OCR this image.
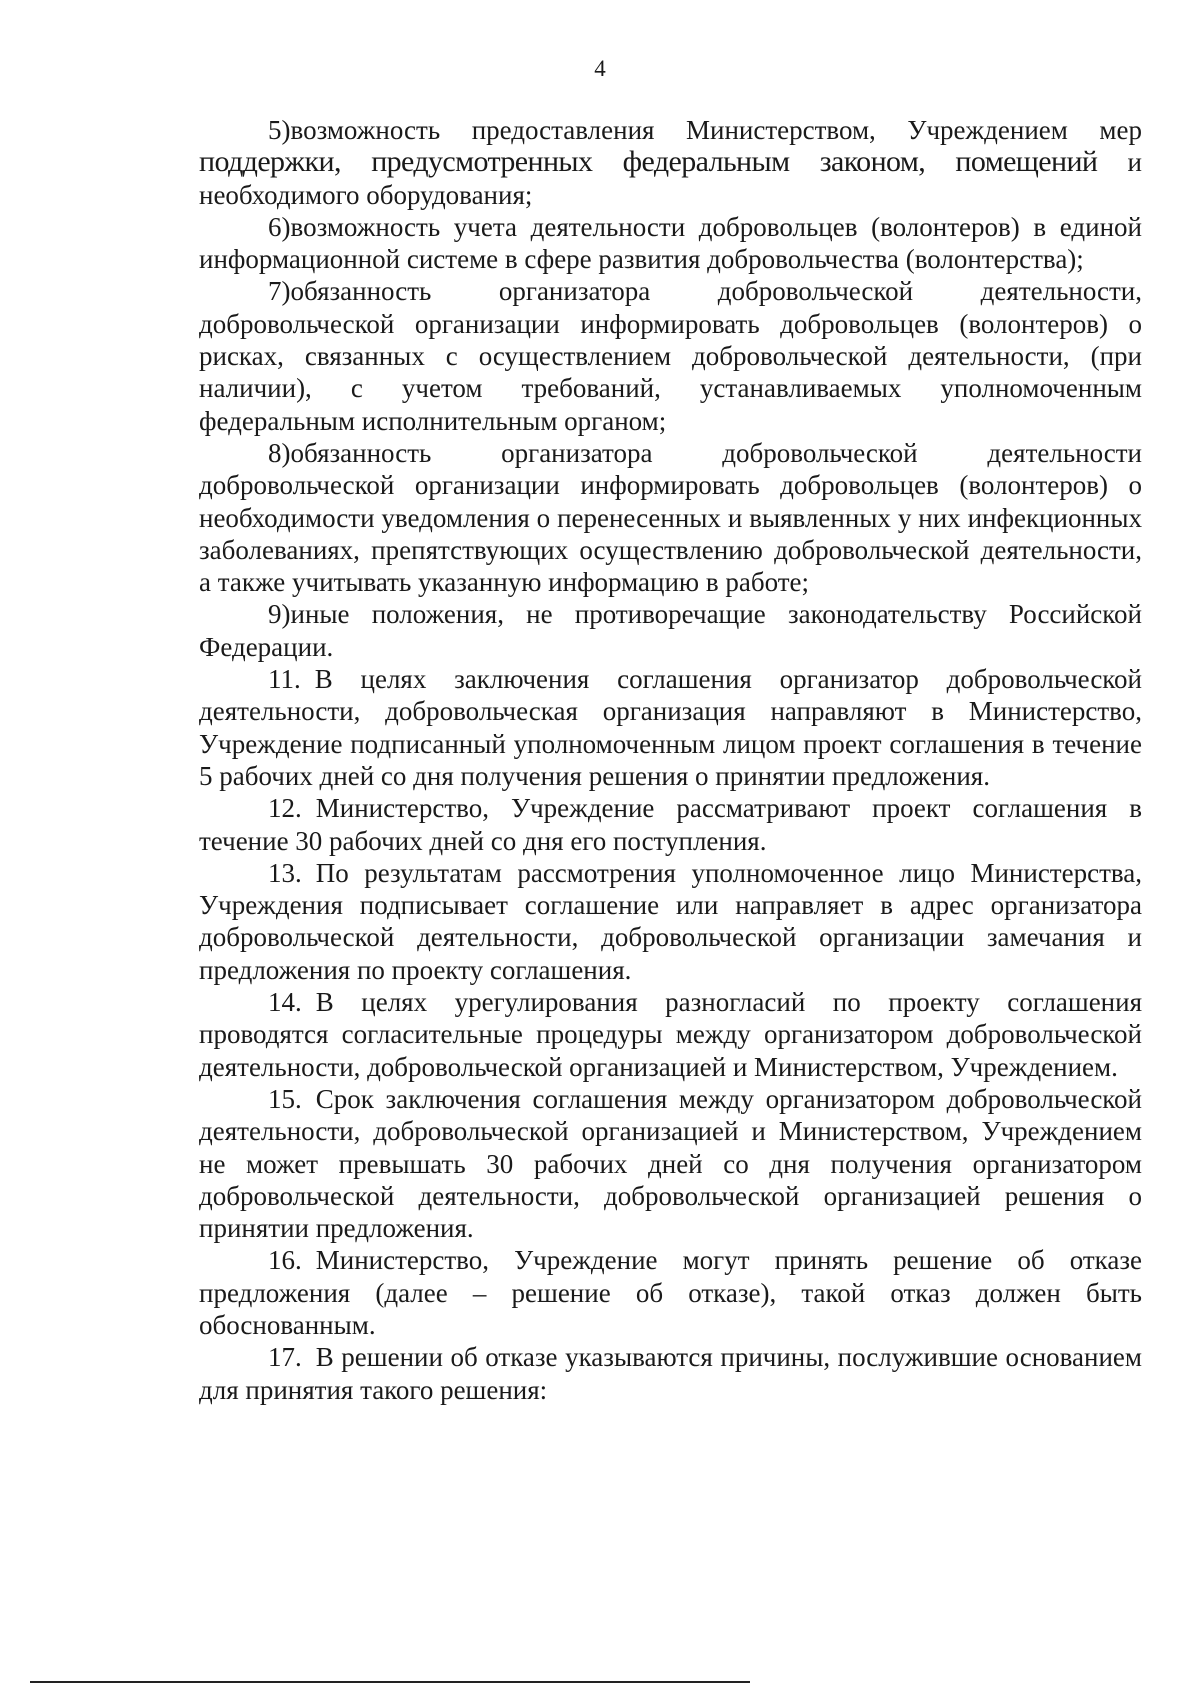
4

5)возможность предоставления Министерством, Учреждением мер поддержки, предусмотренных федеральным законом, помещений и необходимого оборудования;

6)возможность учета деятельности добровольцев (волонтеров) в единой информационной системе в сфере развития добровольчества (волонтерства);

7)обязанность организатора добровольческой деятельности, добровольческой организации информировать добровольцев (волонтеров) о рисках, связанных с осуществлением добровольческой деятельности, (при наличии), с учетом требований, устанавливаемых уполномоченным федеральным исполнительным органом;

8)обязанность организатора добровольческой деятельности добровольческой организации информировать добровольцев (волонтеров) о необходимости уведомления о перенесенных и выявленных у них инфекционных заболеваниях, препятствующих осуществлению добровольческой деятельности, а также учитывать указанную информацию в работе;

9)иные положения, не противоречащие законодательству Российской Федерации.

11. В целях заключения соглашения организатор добровольческой деятельности, добровольческая организация направляют в Министерство, Учреждение подписанный уполномоченным лицом проект соглашения в течение 5 рабочих дней со дня получения решения о принятии предложения.

12. Министерство, Учреждение рассматривают проект соглашения в течение 30 рабочих дней со дня его поступления.

13. По результатам рассмотрения уполномоченное лицо Министерства, Учреждения подписывает соглашение или направляет в адрес организатора добровольческой деятельности, добровольческой организации замечания и предложения по проекту соглашения.

14. В целях урегулирования разногласий по проекту соглашения проводятся согласительные процедуры между организатором добровольческой деятельности, добровольческой организацией и Министерством, Учреждением.

15. Срок заключения соглашения между организатором добровольческой деятельности, добровольческой организацией и Министерством, Учреждением не может превышать 30 рабочих дней со дня получения организатором добровольческой деятельности, добровольческой организацией решения о принятии предложения.

16. Министерство, Учреждение могут принять решение об отказе предложения (далее – решение об отказе), такой отказ должен быть обоснованным.

17. В решении об отказе указываются причины, послужившие основанием для принятия такого решения:
